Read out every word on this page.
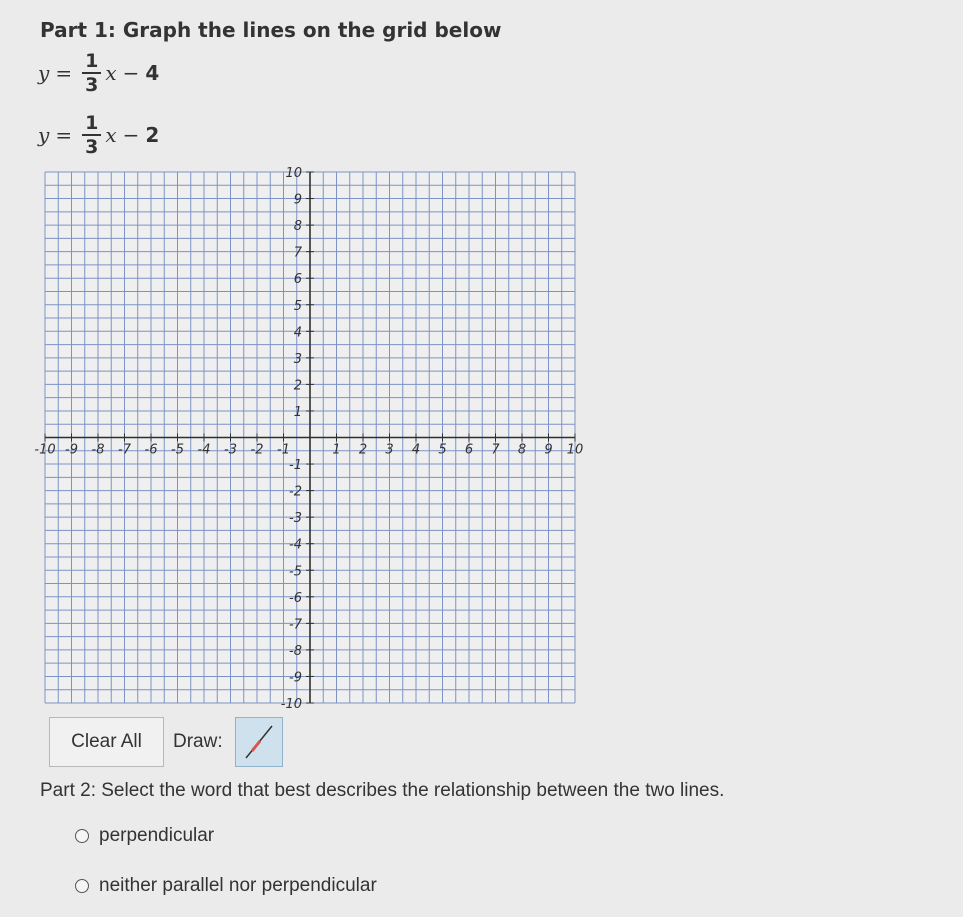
Part 1: Graph the lines on the grid below
$y = \frac{1}{3}$ x − 4
$y = \frac{1}{3}$ x − 2
-10 -9 -8 -7 -6 -5 -4 -3 -2 -1	1 2 3 4 5 6 7 8 9 10
10
9
8
7
6
5
4
3
2
1
-1
-2
-3
-4
-5
-6
-7
-8
-9
-10
Clear All	Draw:
Part 2: Select the word that best describes the relationship between the two lines.
perpendicular
neither parallel nor perpendicular
